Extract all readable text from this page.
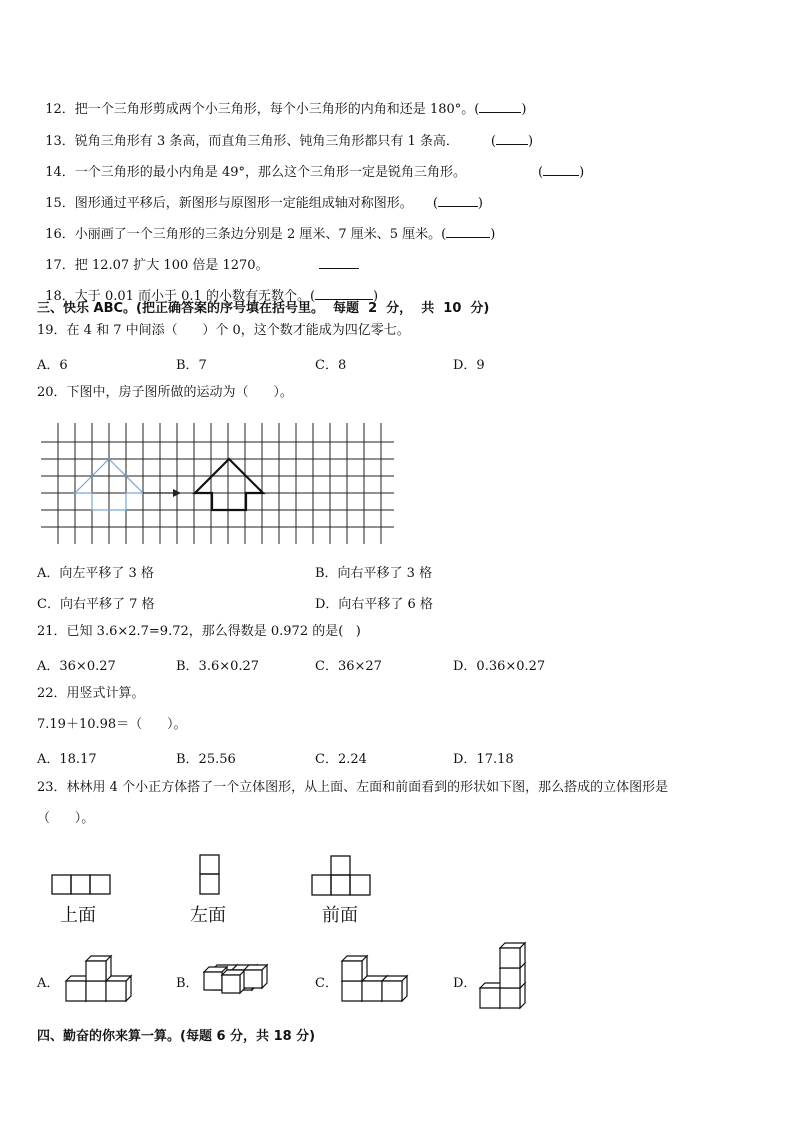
12．把一个三角形剪成两个小三角形，每个小三角形的内角和还是 180°。(	)

13．锐角三角形有 3 条高，而直角三角形、钝角三角形都只有 1 条高． ( )

14．一个三角形的最小内角是 49°，那么这个三角形一定是锐角三角形。	(	)

15．图形通过平移后，新图形与原图形一定能组成轴对称图形。 (	)

16．小丽画了一个三角形的三条边分别是 2 厘米、7 厘米、5 厘米。(	)

17．把 12.07 扩大 100 倍是 1270。

18．大于 0.01 而小于 0.1 的小数有无数个。(	)

三、快乐 ABC。(把正确答案的序号填在括号里。  每题  2  分，  共  10  分)
19．在 4 和 7 中间添（      ）个 0，这个数才能成为四亿零七。
A．6	B．7	C．8	D．9
20．下图中，房子图所做的运动为（      ）。
A．向左平移了 3 格	B．向右平移了 3 格
C．向右平移了 7 格	D．向右平移了 6 格
21．已知 3.6×2.7=9.72，那么得数是 0.972 的是(   )
A．36×0.27	B．3.6×0.27	C．36×27	D．0.36×0.27
22．用竖式计算。
7.19＋10.98＝（      ）。
A．18.17	B．25.56	C．2.24	D．17.18
23．林林用 4 个小正方体搭了一个立体图形，从上面、左面和前面看到的形状如下图，那么搭成的立体图形是
（      ）。
上面	左面	前面
A．	B．	C．	D．
四、勤奋的你来算一算。(每题 6 分，共 18 分)
